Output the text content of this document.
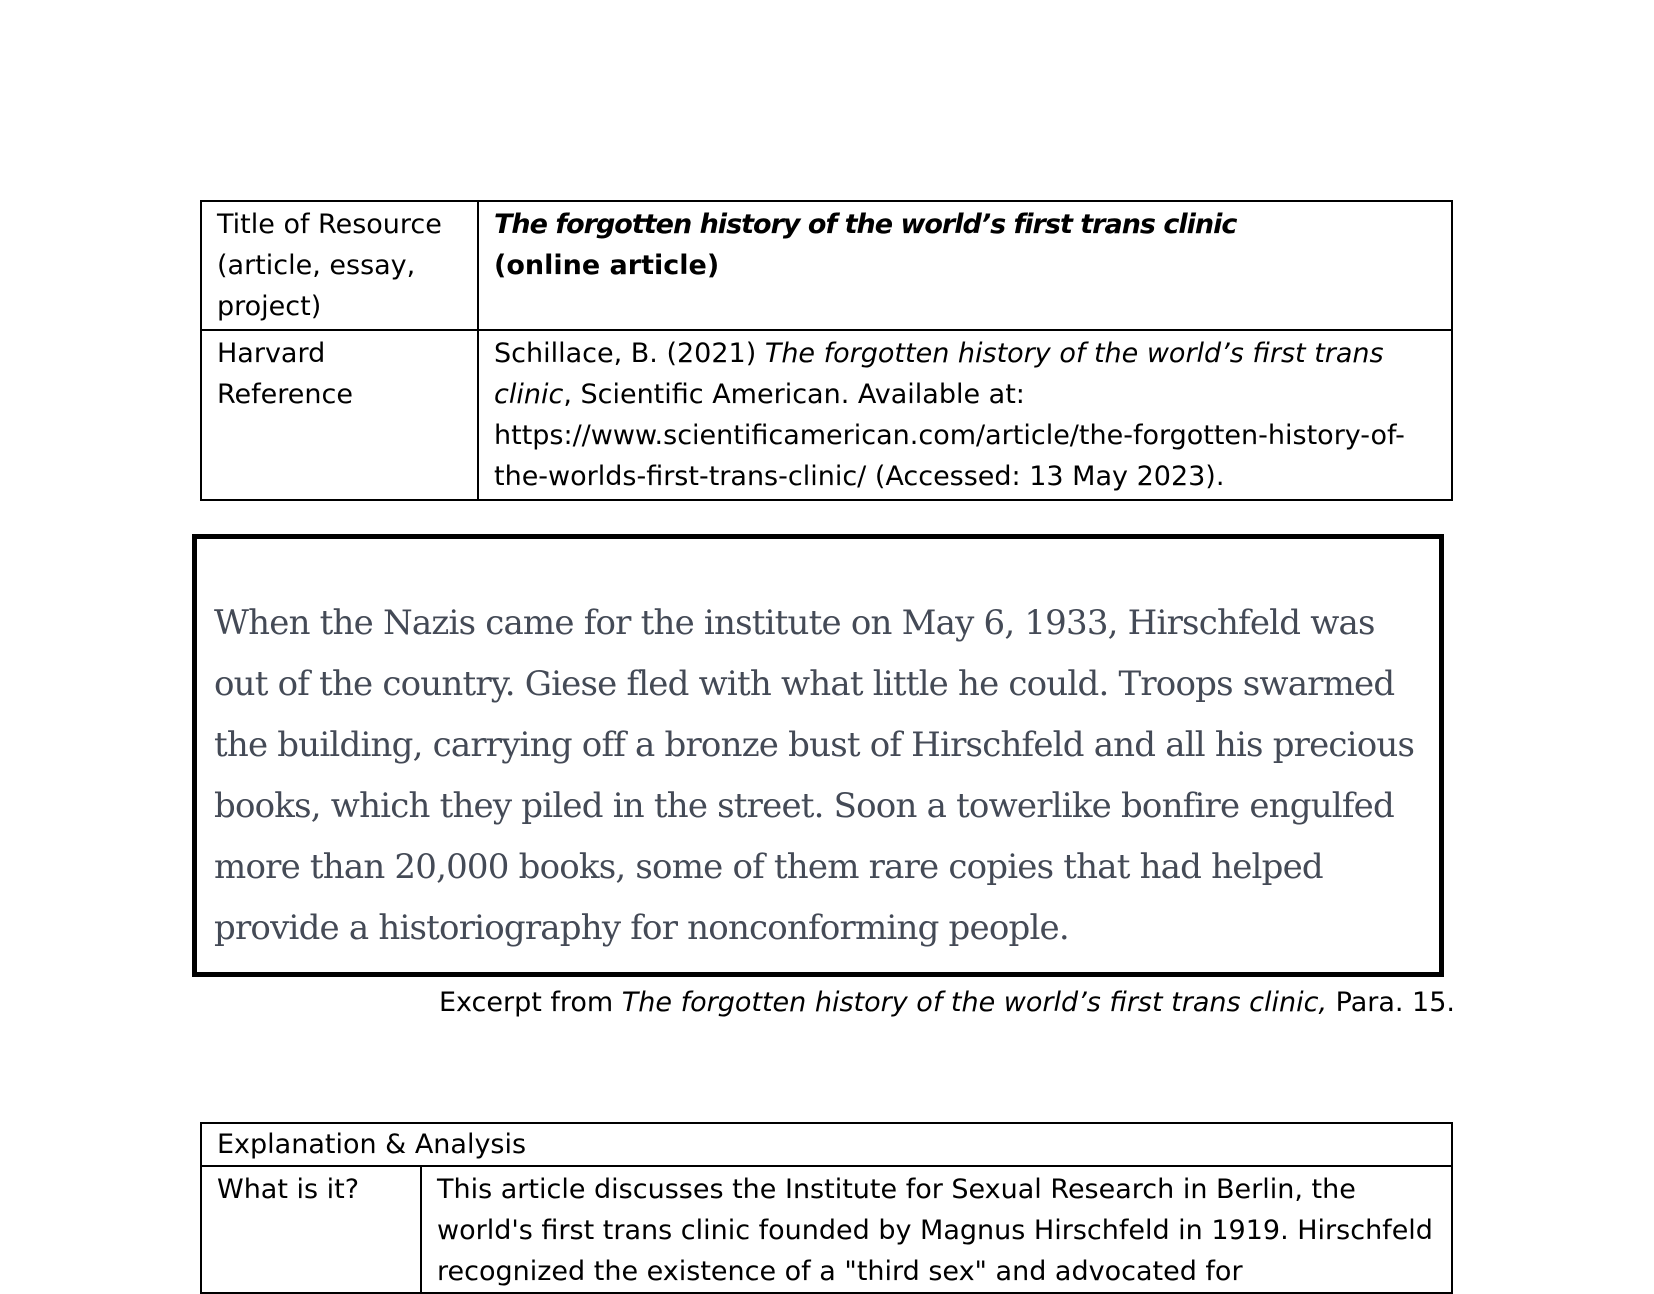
Title of Resource (article, essay, project)	The forgotten history of the world’s first trans clinic
(online article)

Harvard Reference	Schillace, B. (2021) The forgotten history of the world’s first trans clinic, Scientific American. Available at: https://www.scientificamerican.com/article/the-forgotten-history-of-the-worlds-first-trans-clinic/ (Accessed: 13 May 2023).
When the Nazis came for the institute on May 6, 1933, Hirschfeld was out of the country. Giese fled with what little he could. Troops swarmed the building, carrying off a bronze bust of Hirschfeld and all his precious books, which they piled in the street. Soon a towerlike bonfire engulfed more than 20,000 books, some of them rare copies that had helped provide a historiography for nonconforming people.
Excerpt from The forgotten history of the world’s first trans clinic, Para. 15.
Explanation & Analysis
What is it?	This article discusses the Institute for Sexual Research in Berlin, the world's first trans clinic founded by Magnus Hirschfeld in 1919. Hirschfeld recognized the existence of a "third sex" and advocated for
